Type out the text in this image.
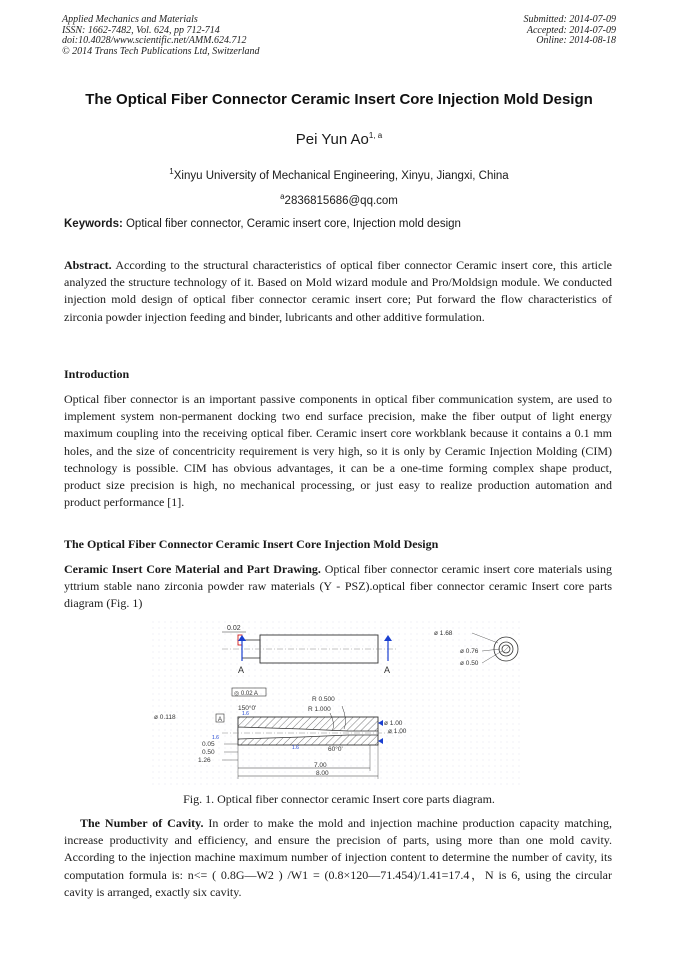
Applied Mechanics and Materials
ISSN: 1662-7482, Vol. 624, pp 712-714
doi:10.4028/www.scientific.net/AMM.624.712
© 2014 Trans Tech Publications Ltd, Switzerland
Submitted: 2014-07-09
Accepted: 2014-07-09
Online: 2014-08-18
The Optical Fiber Connector Ceramic Insert Core Injection Mold Design
Pei Yun Ao$^{1, a}$
$^1$Xinyu University of Mechanical Engineering, Xinyu, Jiangxi, China
$^a$2836815686@qq.com
Keywords: Optical fiber connector, Ceramic insert core, Injection mold design
Abstract. According to the structural characteristics of optical fiber connector Ceramic insert core, this article analyzed the structure technology of it. Based on Mold wizard module and Pro/Moldsign module. We conducted injection mold design of optical fiber connector ceramic insert core; Put forward the flow characteristics of zirconia powder injection feeding and binder, lubricants and other additive formulation.
Introduction
Optical fiber connector is an important passive components in optical fiber communication system, are used to implement system non-permanent docking two end surface precision, make the fiber output of light energy maximum coupling into the receiving optical fiber. Ceramic insert core workblank because it contains a 0.1 mm holes, and the size of concentricity requirement is very high, so it is only by Ceramic Injection Molding (CIM) technology is possible. CIM has obvious advantages, it can be a one-time forming complex shape product, product size precision is high, no mechanical processing, or just easy to realize production automation and product performance [1].
The Optical Fiber Connector Ceramic Insert Core Injection Mold Design
Ceramic Insert Core Material and Part Drawing. Optical fiber connector ceramic insert core materials using yttrium stable nano zirconia powder raw materials (Y - PSZ).optical fiber connector ceramic Insert core parts diagram (Fig. 1)
0.02
A	A
ø 1.68
ø 0.76
ø 0.50
◎ 0.02 A
R 0.500
R 1.000
150°0'
ø 0.118	A
60°0'
ø 1.00
ø 1.00
1.6
1.6
1.6
0.05
0.50
1.26
7.00
8.00
Fig. 1. Optical fiber connector ceramic Insert core parts diagram.
The Number of Cavity. In order to make the mold and injection machine production capacity matching, increase productivity and efficiency, and ensure the precision of parts, using more than one mold cavity. According to the injection machine maximum number of injection content to determine the number of cavity, its computation formula is: n<= ( 0.8G—W2 ) /W1 = (0.8×120—71.454)/1.41=17.4，N is 6, using the circular cavity is arranged, exactly six cavity.
